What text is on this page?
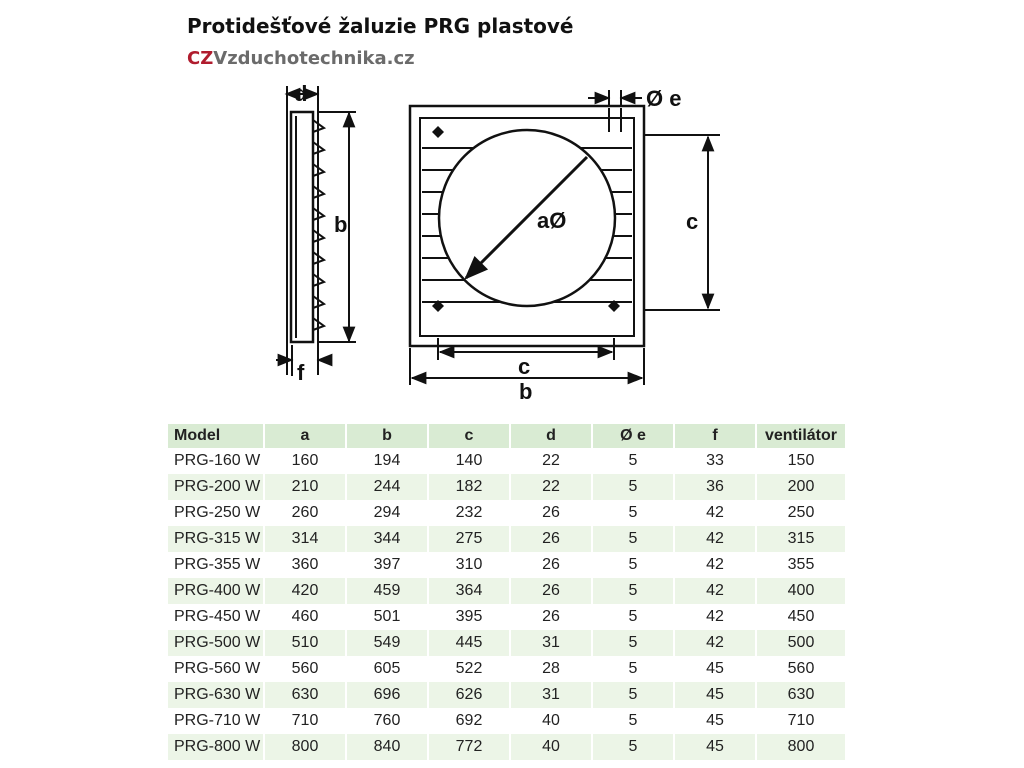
Protidešťové žaluzie PRG plastové
CZVzduchotechnika.cz
d
b
f
Ø e
aØ	c
c
b
Model	a	b	c	d	Ø e	f	ventilátor
PRG-160 W	160	194	140	22	5	33	150
PRG-200 W	210	244	182	22	5	36	200
PRG-250 W	260	294	232	26	5	42	250
PRG-315 W	314	344	275	26	5	42	315
PRG-355 W	360	397	310	26	5	42	355
PRG-400 W	420	459	364	26	5	42	400
PRG-450 W	460	501	395	26	5	42	450
PRG-500 W	510	549	445	31	5	42	500
PRG-560 W	560	605	522	28	5	45	560
PRG-630 W	630	696	626	31	5	45	630
PRG-710 W	710	760	692	40	5	45	710
PRG-800 W	800	840	772	40	5	45	800
